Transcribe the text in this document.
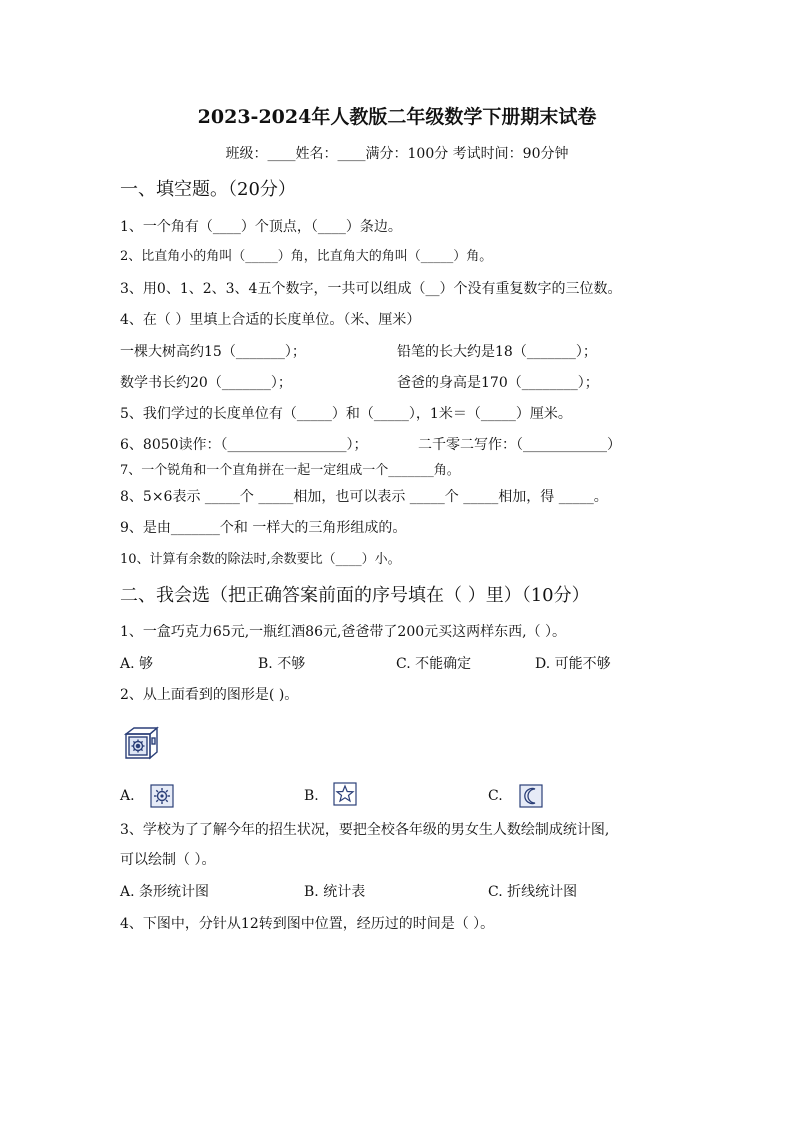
2023-2024年人教版二年级数学下册期末试卷
班级：____姓名：____满分：100分 考试时间：90分钟
一、填空题。（20分）
1、一个角有（____）个顶点，（____）条边。
2、比直角小的角叫（_____）角，比直角大的角叫（_____）角。
3、用0、1、2、3、4五个数字，一共可以组成（__）个没有重复数字的三位数。
4、在（ ）里填上合适的长度单位。（米、厘米）
一棵大树高约15（_______）；	铅笔的长大约是18（_______）；
数学书长约20（_______）；	爸爸的身高是170（________）；
5、我们学过的长度单位有（_____）和（_____），1米＝（_____）厘米。
6、8050读作：（_________________）；	二千零二写作：（____________）
7、一个锐角和一个直角拼在一起一定组成一个_______角。
8、5×6表示 _____个 _____相加，也可以表示 _____个 _____相加，得 _____。
9、是由_______个和 一样大的三角形组成的。
10、计算有余数的除法时,余数要比（____）小。
二、我会选（把正确答案前面的序号填在（ ）里）（10分）
1、一盒巧克力65元,一瓶红酒86元,爸爸带了200元买这两样东西,（ ）。
A. 够	B. 不够	C. 不能确定	D. 可能不够
2、从上面看到的图形是( )。
A.	B.	C.
3、学校为了了解今年的招生状况，要把全校各年级的男女生人数绘制成统计图,
可以绘制（ ）。
A. 条形统计图	B. 统计表	C. 折线统计图
4、下图中，分针从12转到图中位置，经历过的时间是（ ）。
